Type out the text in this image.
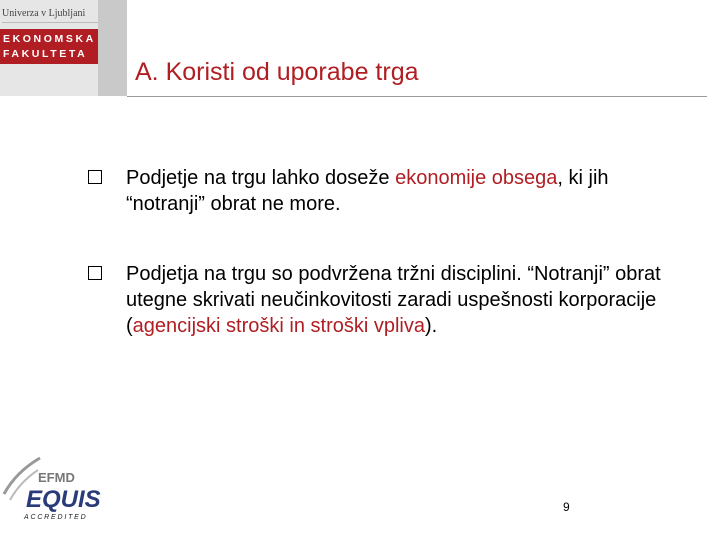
Univerza v Ljubljani
EKONOMSKA
FAKULTETA
A. Koristi od uporabe trga
Podjetje na trgu lahko doseže ekonomije obsega, ki jih “notranji” obrat ne more.
Podjetja na trgu so podvržena tržni disciplini. “Notranji” obrat utegne skrivati neučinkovitosti zaradi uspešnosti korporacije (agencijski stroški in stroški vpliva).
EFMD
EQUIS
ACCREDITED
9
